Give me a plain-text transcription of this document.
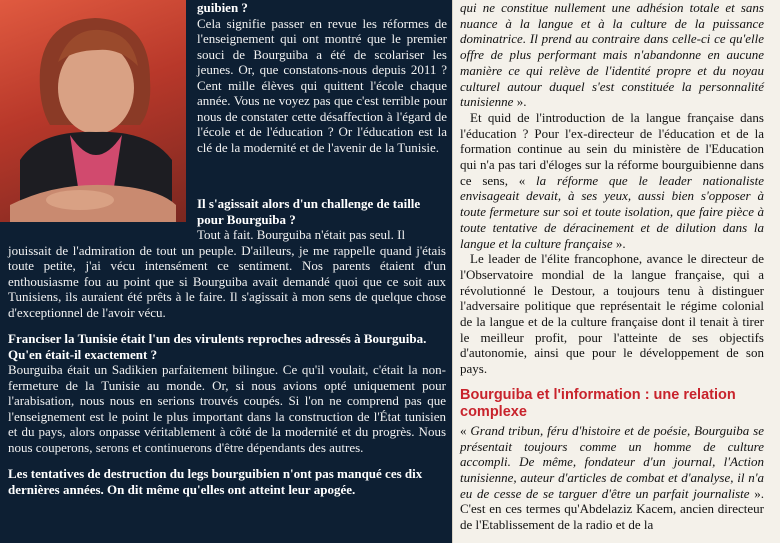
guibien ?
Cela signifie passer en revue les réformes de l'enseignement qui ont montré que le premier souci de Bourguiba a été de scolariser les jeunes. Or, que constatons-nous depuis 2011 ? Cent mille élèves qui quittent l'école chaque année. Vous ne voyez pas que c'est terrible pour nous de constater cette désaffection à l'égard de l'école et de l'éducation ? Or l'éducation est la clé de la modernité et de l'avenir de la Tunisie.
Il s'agissait alors d'un challenge de taille pour Bourguiba ?
Tout à fait. Bourguiba n'était pas seul. Il
jouissait de l'admiration de tout un peuple. D'ailleurs, je me rappelle quand j'étais toute petite, j'ai vécu intensément ce sentiment. Nos parents étaient d'un enthousiasme fou au point que si Bourguiba avait demandé quoi que ce soit aux Tunisiens, ils auraient été prêts à le faire. Il s'agissait à mon sens de quelque chose d'exceptionnel de l'avoir vécu.
Franciser la Tunisie était l'un des virulents reproches adressés à Bourguiba. Qu'en était-il exactement ?
Bourguiba était un Sadikien parfaitement bilingue. Ce qu'il voulait, c'était la non-fermeture de la Tunisie au monde. Or, si nous avions opté uniquement pour l'arabisation, nous nous en serions trouvés coupés. Si l'on ne comprend pas que l'enseignement est le point le plus important dans la construction de l'État tunisien et du pays, alors onpasse véritablement à côté de la modernité et du progrès. Nous nous couperons, serons et continuerons d'être dépendants des autres.
Les tentatives de destruction du legs bourguibien n'ont pas manqué ces dix dernières années. On dit même qu'elles ont atteint leur apogée.

qui ne constitue nullement une adhésion totale et sans nuance à la langue et à la culture de la puissance dominatrice. Il prend au contraire dans celle-ci ce qu'elle offre de plus performant mais n'abandonne en aucune manière ce qui relève de l'identité propre et du noyau culturel autour duquel s'est constituée la personnalité tunisienne ».

Et quid de l'introduction de la langue française dans l'éducation ? Pour l'ex-directeur de l'éducation et de la formation continue au sein du ministère de l'Education qui n'a pas tari d'éloges sur la réforme bourguibienne dans ce sens, « la réforme que le leader nationaliste envisageait devait, à ses yeux, aussi bien s'opposer à toute fermeture sur soi et toute isolation, que faire pièce à toute tentative de déracinement et de dilution dans la langue et la culture française ».

Le leader de l'élite francophone, avance le directeur de l'Observatoire mondial de la langue française, qui a révolutionné le Destour, a toujours tenu à distinguer l'adversaire politique que représentait le régime colonial de la langue et de la culture française dont il tenait à tirer le meilleur profit, pour l'atteinte de ses objectifs d'autonomie, ainsi que pour le développement de son pays.

Bourguiba et l'information : une relation complexe

« Grand tribun, féru d'histoire et de poésie, Bourguiba se présentait toujours comme un homme de culture accompli. De même, fondateur d'un journal, l'Action tunisienne, auteur d'articles de combat et d'analyse, il n'a eu de cesse de se targuer d'être un parfait journaliste ». C'est en ces termes qu'Abdelaziz Kacem, ancien directeur de l'Etablissement de la radio et de la
